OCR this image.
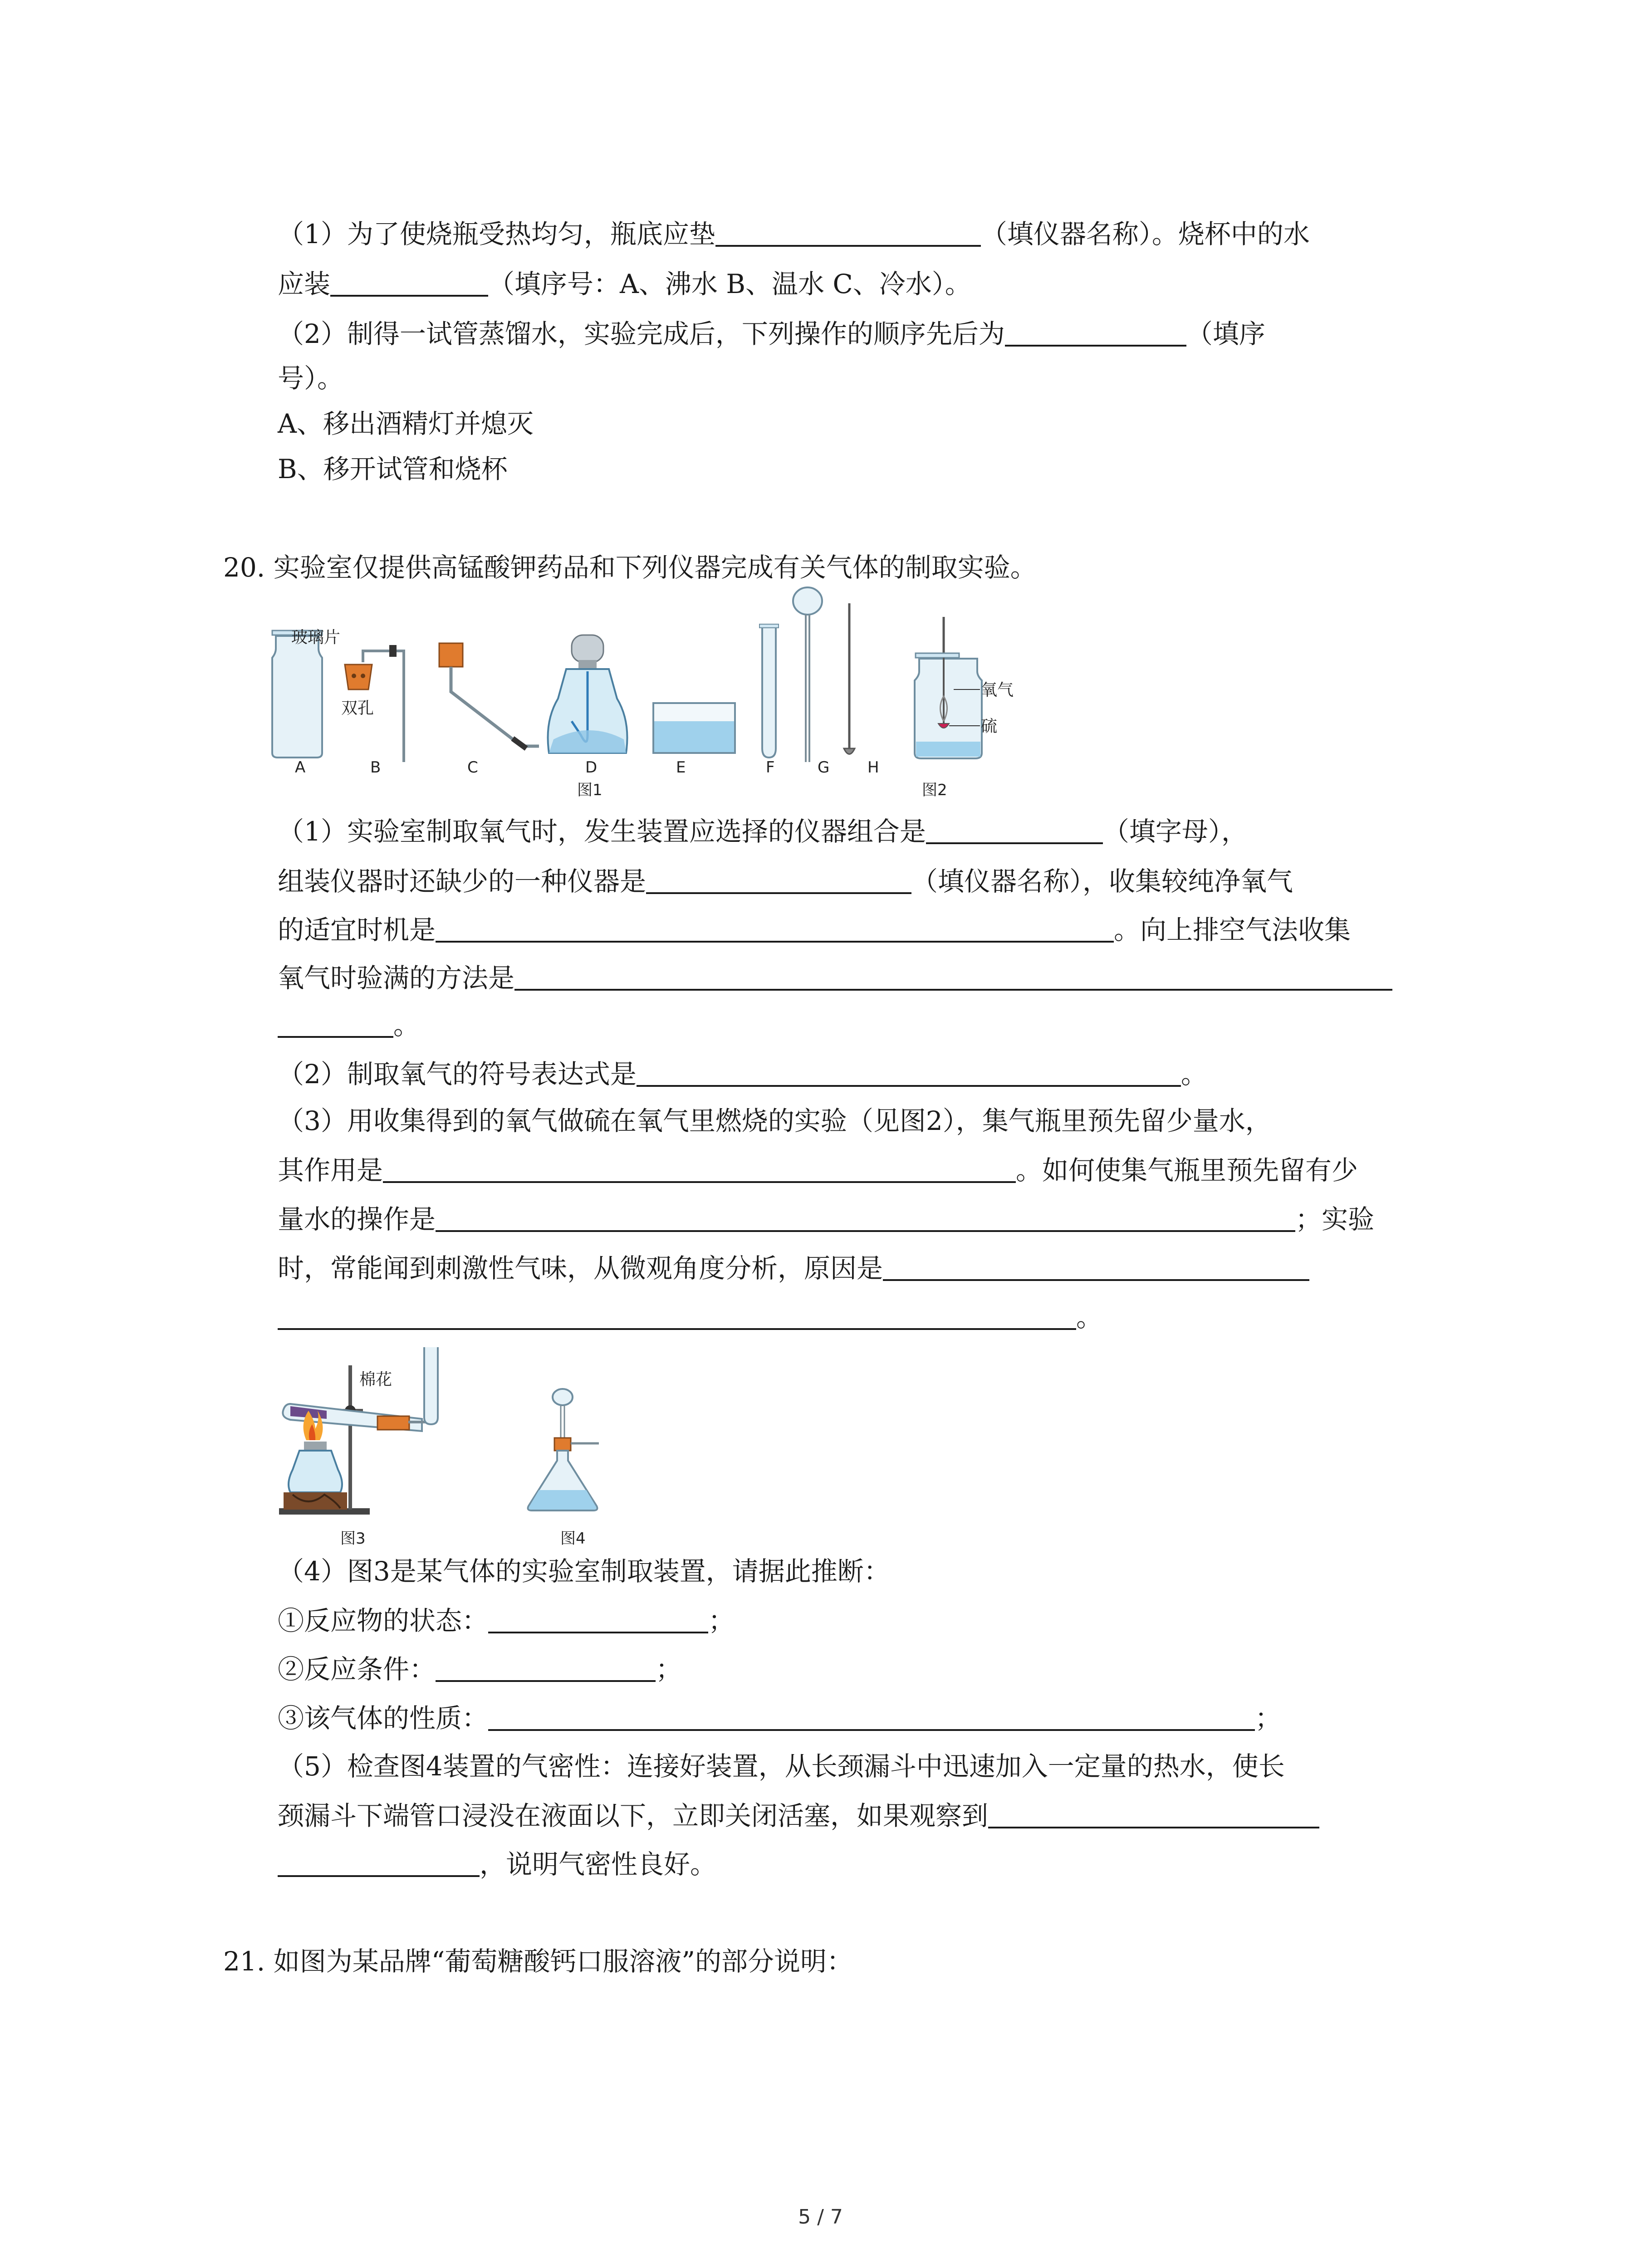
（1）为了使烧瓶受热均匀，瓶底应垫	（填仪器名称）。烧杯中的水
应装	（填序号：A、沸水 B、温水 C、冷水）。
（2）制得一试管蒸馏水，实验完成后，下列操作的顺序先后为	（填序
号）。
A、移出酒精灯并熄灭
B、移开试管和烧杯
20. 实验室仅提供高锰酸钾药品和下列仪器完成有关气体的制取实验。
玻璃片
双孔
氧气
硫
A	B	C	D	E	F	G H
图1	图2
（1）实验室制取氧气时，发生装置应选择的仪器组合是	（填字母），
组装仪器时还缺少的一种仪器是	（填仪器名称），收集较纯净氧气
的适宜时机是	。向上排空气法收集
氧气时验满的方法是
。
（2）制取氧气的符号表达式是	。
（3）用收集得到的氧气做硫在氧气里燃烧的实验（见图2），集气瓶里预先留少量水，
其作用是	。如何使集气瓶里预先留有少
量水的操作是	；实验
时，常能闻到刺激性气味，从微观角度分析，原因是
。
棉花
图3	图4
（4）图3是某气体的实验室制取装置，请据此推断：
①反应物的状态：	；
②反应条件：	；
③该气体的性质：	；
（5）检查图4装置的气密性：连接好装置，从长颈漏斗中迅速加入一定量的热水，使长
颈漏斗下端管口浸没在液面以下，立即关闭活塞，如果观察到
，说明气密性良好。
21. 如图为某品牌“葡萄糖酸钙口服溶液”的部分说明：
5 / 7
